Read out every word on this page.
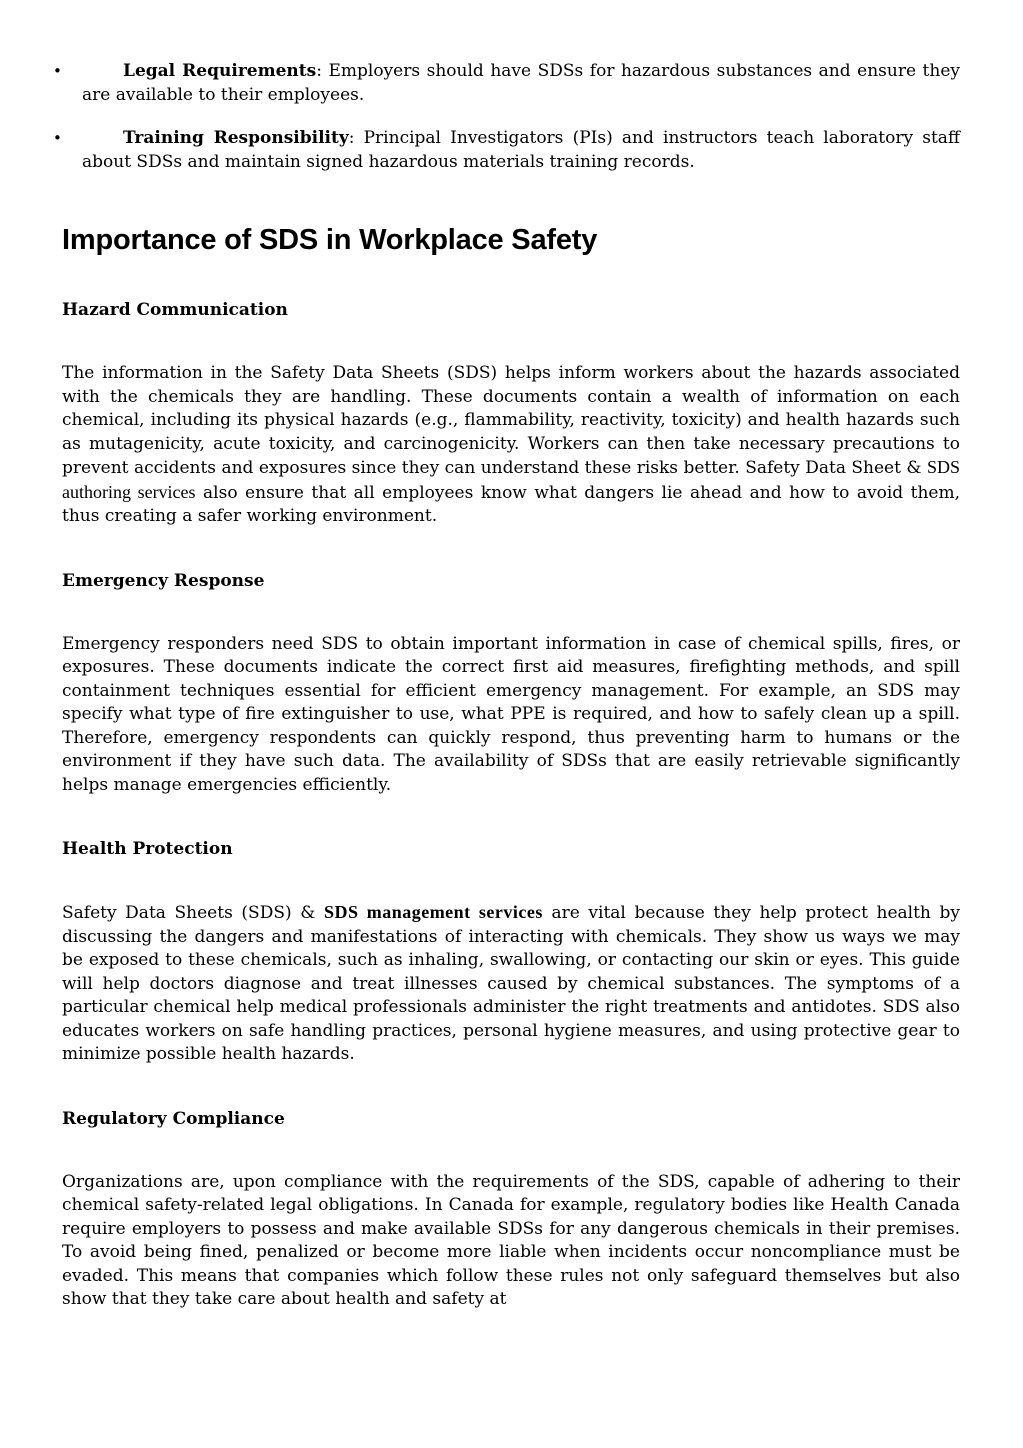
•	Legal Requirements: Employers should have SDSs for hazardous substances and ensure they are available to their employees.
•	Training Responsibility: Principal Investigators (PIs) and instructors teach laboratory staff about SDSs and maintain signed hazardous materials training records.
Importance of SDS in Workplace Safety
Hazard Communication

The information in the Safety Data Sheets (SDS) helps inform workers about the hazards associated with the chemicals they are handling. These documents contain a wealth of information on each chemical, including its physical hazards (e.g., flammability, reactivity, toxicity) and health hazards such as mutagenicity, acute toxicity, and carcinogenicity. Workers can then take necessary precautions to prevent accidents and exposures since they can understand these risks better. Safety Data Sheet & SDS authoring services also ensure that all employees know what dangers lie ahead and how to avoid them, thus creating a safer working environment.

Emergency Response

Emergency responders need SDS to obtain important information in case of chemical spills, fires, or exposures. These documents indicate the correct first aid measures, firefighting methods, and spill containment techniques essential for efficient emergency management. For example, an SDS may specify what type of fire extinguisher to use, what PPE is required, and how to safely clean up a spill. Therefore, emergency respondents can quickly respond, thus preventing harm to humans or the environment if they have such data. The availability of SDSs that are easily retrievable significantly helps manage emergencies efficiently.

Health Protection

Safety Data Sheets (SDS) & SDS management services are vital because they help protect health by discussing the dangers and manifestations of interacting with chemicals. They show us ways we may be exposed to these chemicals, such as inhaling, swallowing, or contacting our skin or eyes. This guide will help doctors diagnose and treat illnesses caused by chemical substances. The symptoms of a particular chemical help medical professionals administer the right treatments and antidotes. SDS also educates workers on safe handling practices, personal hygiene measures, and using protective gear to minimize possible health hazards.

Regulatory Compliance

Organizations are, upon compliance with the requirements of the SDS, capable of adhering to their chemical safety-related legal obligations. In Canada for example, regulatory bodies like Health Canada require employers to possess and make available SDSs for any dangerous chemicals in their premises. To avoid being fined, penalized or become more liable when incidents occur noncompliance must be evaded. This means that companies which follow these rules not only safeguard themselves but also show that they take care about health and safety at
